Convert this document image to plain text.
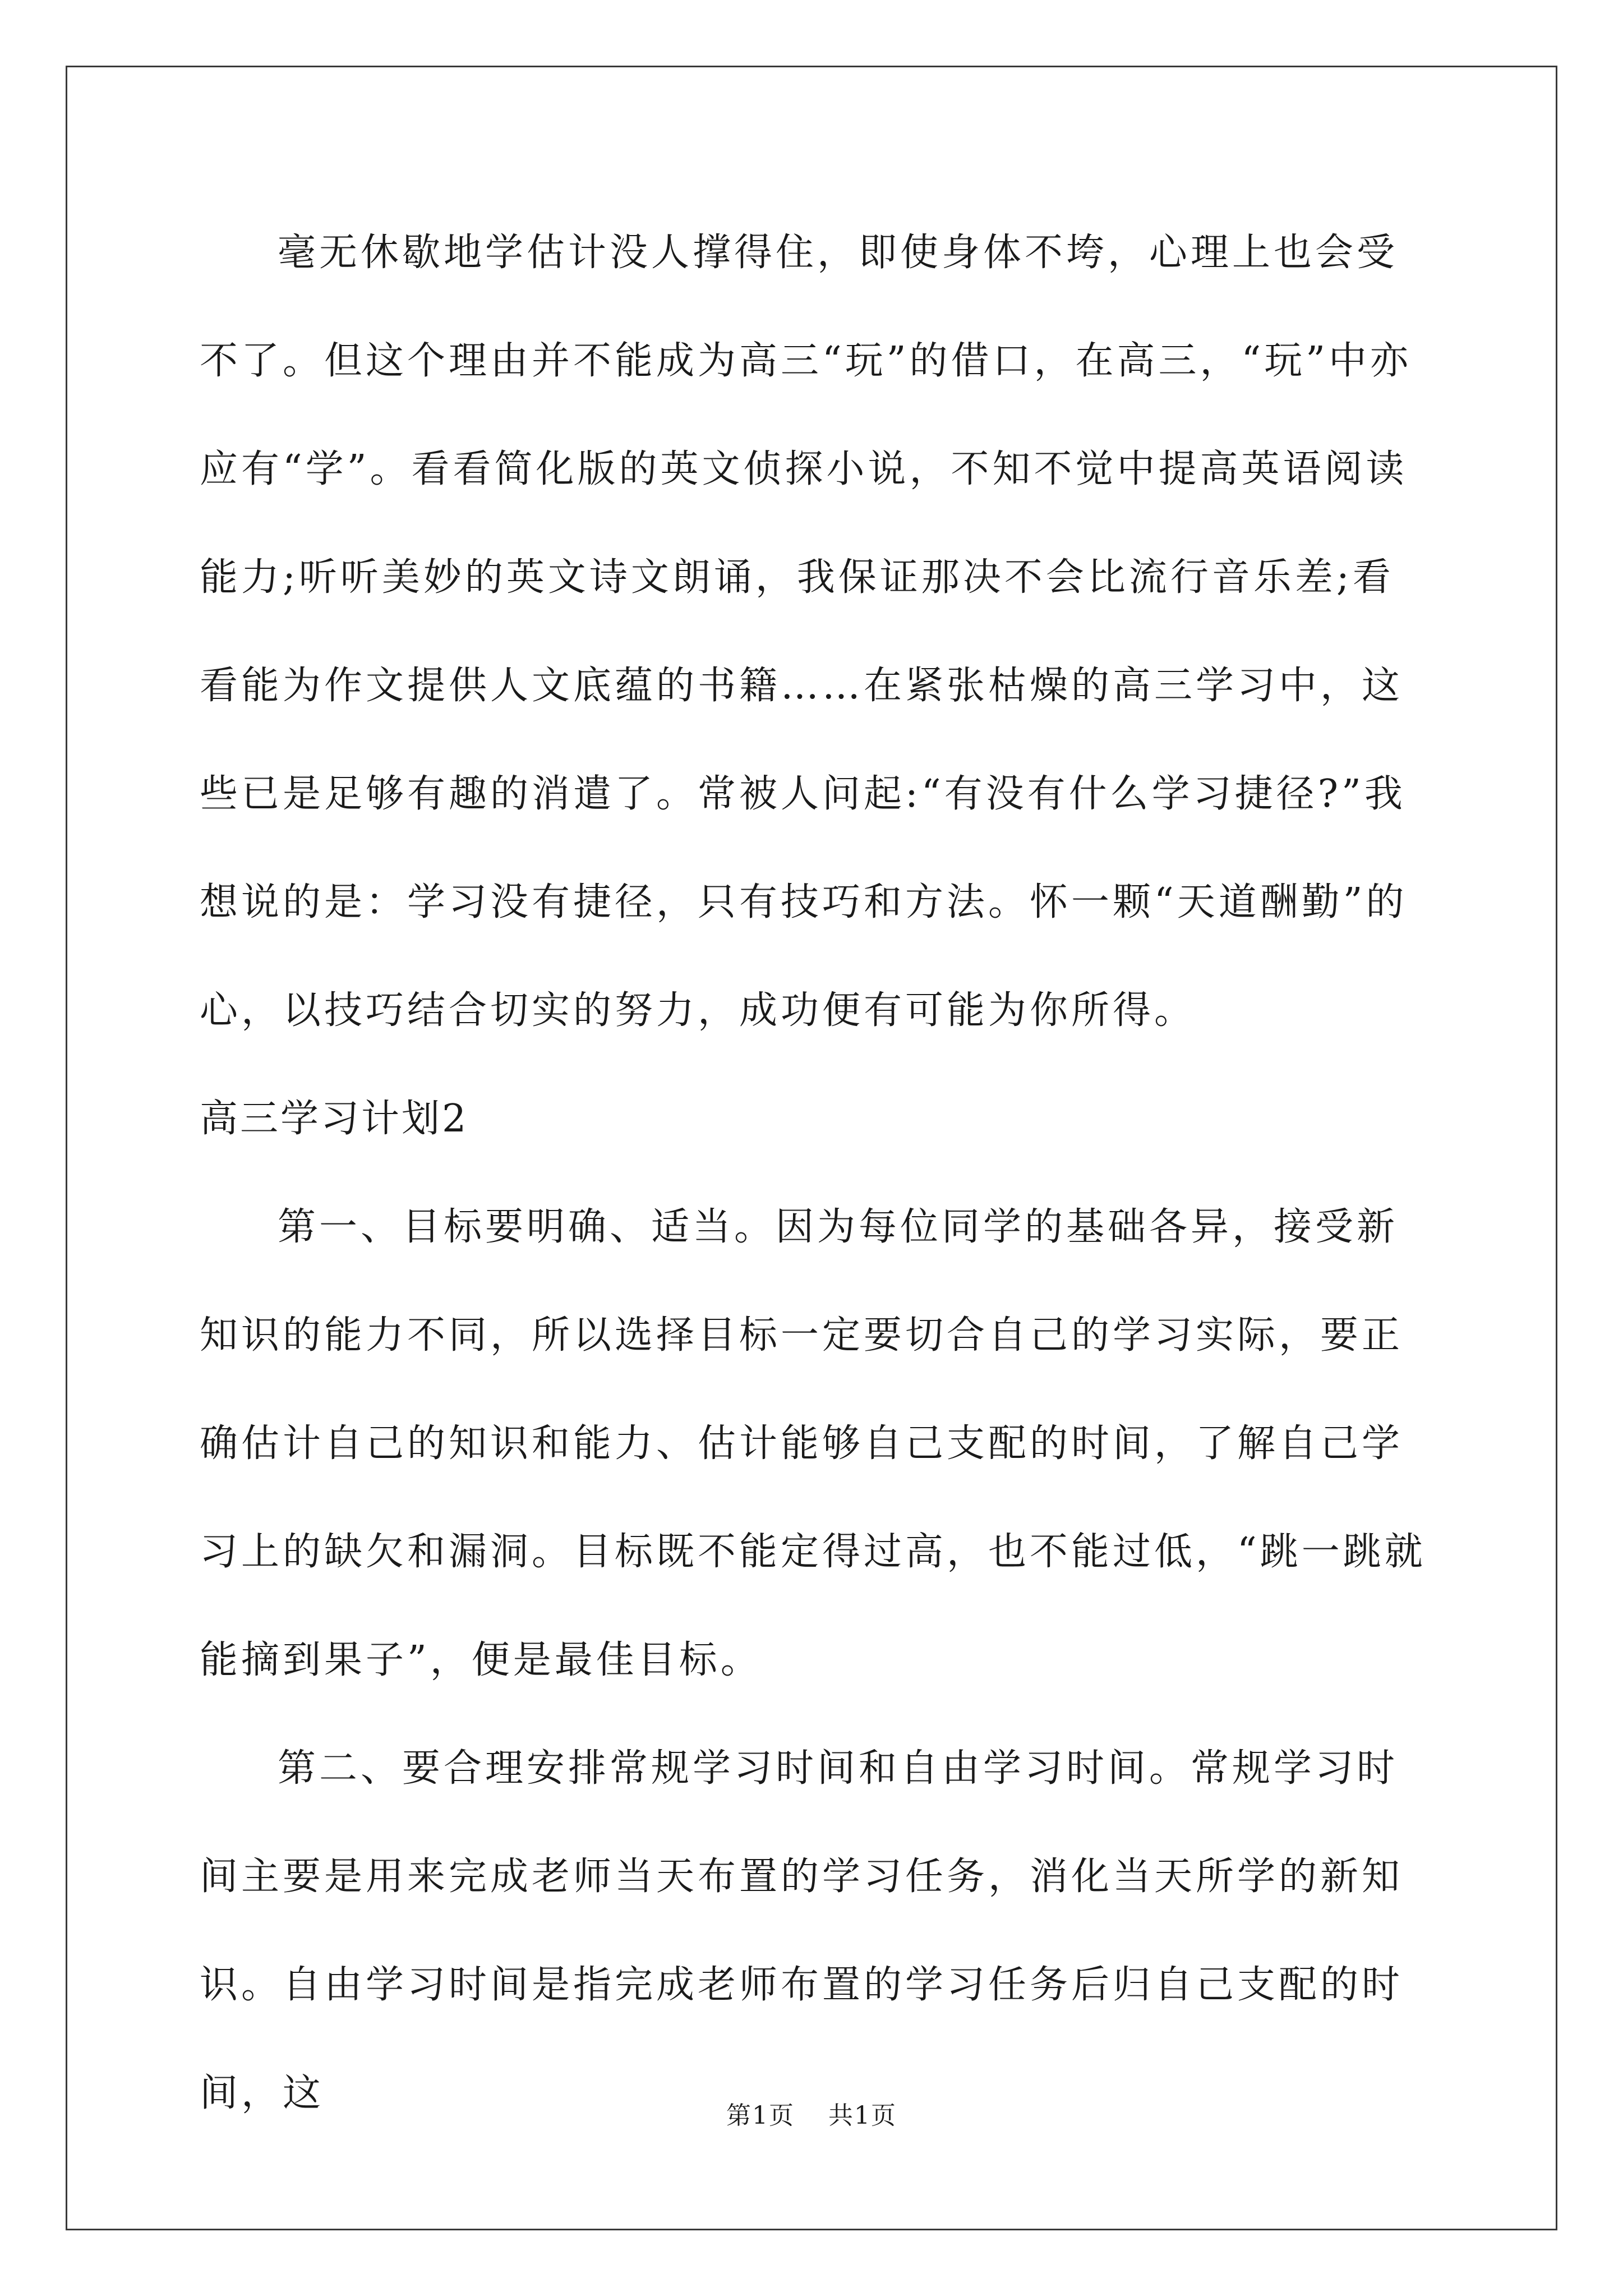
毫无休歇地学估计没人撑得住，即使身体不垮，心理上也会受不了。但这个理由并不能成为高三“玩”的借口，在高三，“玩”中亦应有“学”。看看简化版的英文侦探小说，不知不觉中提高英语阅读能力;听听美妙的英文诗文朗诵，我保证那决不会比流行音乐差;看看能为作文提供人文底蕴的书籍……在紧张枯燥的高三学习中，这些已是足够有趣的消遣了。常被人问起:“有没有什么学习捷径?”我想说的是：学习没有捷径，只有技巧和方法。怀一颗“天道酬勤”的心，以技巧结合切实的努力，成功便有可能为你所得。

高三学习计划2

第一、目标要明确、适当。因为每位同学的基础各异，接受新知识的能力不同，所以选择目标一定要切合自己的学习实际，要正确估计自己的知识和能力、估计能够自己支配的时间，了解自己学习上的缺欠和漏洞。目标既不能定得过高，也不能过低，“跳一跳就能摘到果子”，便是最佳目标。

第二、要合理安排常规学习时间和自由学习时间。常规学习时间主要是用来完成老师当天布置的学习任务，消化当天所学的新知识。自由学习时间是指完成老师布置的学习任务后归自己支配的时间，这

第1页 共1页
